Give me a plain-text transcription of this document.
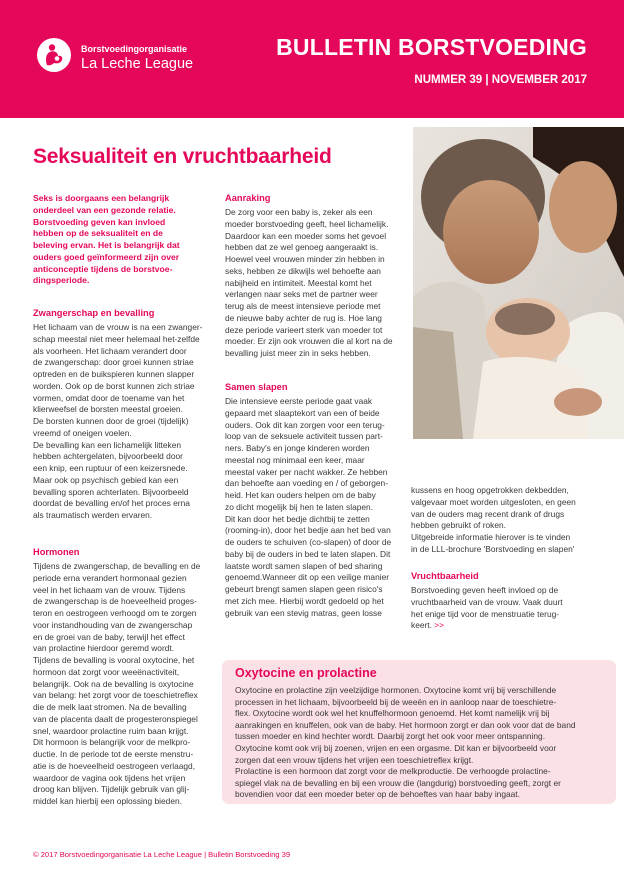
Borstvoedingorganisatie
La Leche League
BULLETIN BORSTVOEDING
NUMMER 39 | NOVEMBER 2017
Seksualiteit en vruchtbaarheid
Seks is doorgaans een belangrijk
onderdeel van een gezonde relatie.
Borstvoeding geven kan invloed
hebben op de seksualiteit en de
beleving ervan. Het is belangrijk dat
ouders goed geïnformeerd zijn over
anticonceptie tijdens de borstvoe-
dingsperiode.
Zwangerschap en bevalling
Het lichaam van de vrouw is na een zwanger-
schap meestal niet meer helemaal het-zelfde
als voorheen. Het lichaam verandert door
de zwangerschap: door groei kunnen striae
optreden en de buikspieren kunnen slapper
worden. Ook op de borst kunnen zich striae
vormen, omdat door de toename van het
klierweefsel de borsten meestal groeien.
De borsten kunnen door de groei (tijdelijk)
vreemd of oneigen voelen.
De bevalling kan een lichamelijk litteken
hebben achtergelaten, bijvoorbeeld door
een knip, een ruptuur of een keizersnede.
Maar ook op psychisch gebied kan een
bevalling sporen achterlaten. Bijvoorbeeld
doordat de bevalling en/of het proces erna
als traumatisch werden ervaren.
Hormonen
Tijdens de zwangerschap, de bevalling en de
periode erna verandert hormonaal gezien
veel in het lichaam van de vrouw. Tijdens
de zwangerschap is de hoeveelheid proges-
teron en oestrogeen verhoogd om te zorgen
voor instandhouding van de zwangerschap
en de groei van de baby, terwijl het effect
van prolactine hierdoor geremd wordt.
Tijdens de bevalling is vooral oxytocine, het
hormoon dat zorgt voor weeënactiviteit,
belangrijk. Ook na de bevalling is oxytocine
van belang: het zorgt voor de toeschietreflex
die de melk laat stromen. Na de bevalling
van de placenta daalt de progesteronspiegel
snel, waardoor prolactine ruim baan krijgt.
Dit hormoon is belangrijk voor de melkpro-
ductie. In de periode tot de eerste menstru-
atie is de hoeveelheid oestrogeen verlaagd,
waardoor de vagina ook tijdens het vrijen
droog kan blijven. Tijdelijk gebruik van glij-
middel kan hierbij een oplossing bieden.
Aanraking
De zorg voor een baby is, zeker als een
moeder borstvoeding geeft, heel lichamelijk.
Daardoor kan een moeder soms het gevoel
hebben dat ze wel genoeg aangeraakt is.
Hoewel veel vrouwen minder zin hebben in
seks, hebben ze dikwijls wel behoefte aan
nabijheid en intimiteit. Meestal komt het
verlangen naar seks met de partner weer
terug als de meest intensieve periode met
de nieuwe baby achter de rug is. Hoe lang
deze periode varieert sterk van moeder tot
moeder. Er zijn ook vrouwen die al kort na de
bevalling juist meer zin in seks hebben.
Samen slapen
Die intensieve eerste periode gaat vaak
gepaard met slaaptekort van een of beide
ouders. Ook dit kan zorgen voor een terug-
loop van de seksuele activiteit tussen part-
ners. Baby's en jonge kinderen worden
meestal nog minimaal een keer, maar
meestal vaker per nacht wakker. Ze hebben
dan behoefte aan voeding en / of geborgen-
heid. Het kan ouders helpen om de baby
zo dicht mogelijk bij hen te laten slapen.
Dit kan door het bedje dichtbij te zetten
(rooming-in), door het bedje aan het bed van
de ouders te schuiven (co-slapen) of door de
baby bij de ouders in bed te laten slapen. Dit
laatste wordt samen slapen of bed sharing
genoemd.Wanneer dit op een veilige manier
gebeurt brengt samen slapen geen risico's
met zich mee. Hierbij wordt gedoeld op het
gebruik van een stevig matras, geen losse
kussens en hoog opgetrokken dekbedden,
valgevaar moet worden uitgesloten, en geen
van de ouders mag recent drank of drugs
hebben gebruikt of roken.
Uitgebreide informatie hierover is te vinden
in de LLL-brochure 'Borstvoeding en slapen'
Vruchtbaarheid
Borstvoeding geven heeft invloed op de
vruchtbaarheid van de vrouw. Vaak duurt
het enige tijd voor de menstruatie terug-
keert. >>
Oxytocine en prolactine
Oxytocine en prolactine zijn veelzijdige hormonen. Oxytocine komt vrij bij verschillende
processen in het lichaam, bijvoorbeeld bij de weeën en in aanloop naar de toeschietre-
flex. Oxytocine wordt ook wel het knuffelhormoon genoemd. Het komt namelijk vrij bij
aanrakingen en knuffelen, ook van de baby. Het hormoon zorgt er dan ook voor dat de band
tussen moeder en kind hechter wordt. Daarbij zorgt het ook voor meer ontspanning.
Oxytocine komt ook vrij bij zoenen, vrijen en een orgasme. Dit kan er bijvoorbeeld voor
zorgen dat een vrouw tijdens het vrijen een toeschietreflex krijgt.
Prolactine is een hormoon dat zorgt voor de melkproductie. De verhoogde prolactine-
spiegel vlak na de bevalling en bij een vrouw die (langdurig) borstvoeding geeft, zorgt er
bovendien voor dat een moeder beter op de behoeftes van haar baby ingaat.
© 2017 Borstvoedingorganisatie La Leche League | Bulletin Borstvoeding 39
